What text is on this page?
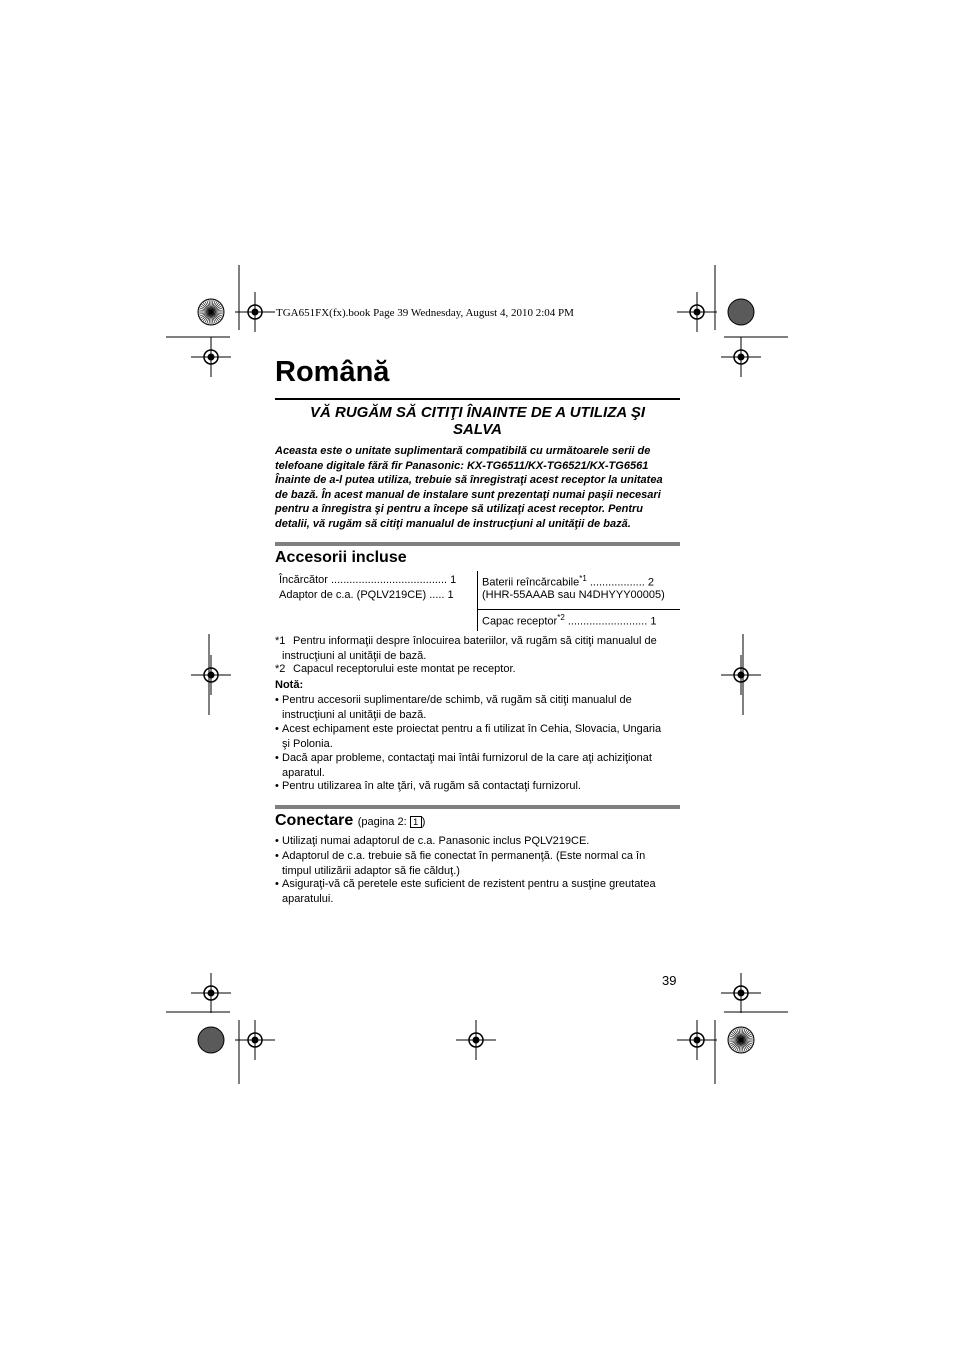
TGA651FX(fx).book Page 39 Wednesday, August 4, 2010 2:04 PM
Română
VĂ RUGĂM SĂ CITIŢI ÎNAINTE DE A UTILIZA ŞI
SALVA
Aceasta este o unitate suplimentară compatibilă cu următoarele serii de
telefoane digitale fără fir Panasonic: KX-TG6511/KX-TG6521/KX-TG6561
Înainte de a-l putea utiliza, trebuie să înregistraţi acest receptor la unitatea
de bază. În acest manual de instalare sunt prezentaţi numai paşii necesari
pentru a înregistra şi pentru a începe să utilizaţi acest receptor. Pentru
detalii, vă rugăm să citiţi manualul de instrucţiuni al unităţii de bază.
Accesorii incluse
Încărcător ...................................... 1
Adaptor de c.a. (PQLV219CE) ..... 1
Baterii reîncărcabile$^{*1}$ .................. 2
(HHR-55AAAB sau N4DHYYY00005)
Capac receptor$^{*2}$ .......................... 1
*1 Pentru informaţii despre înlocuirea bateriilor, vă rugăm să citiţi manualul de
instrucţiuni al unităţii de bază.
*2 Capacul receptorului este montat pe receptor.
Notă:
• Pentru accesorii suplimentare/de schimb, vă rugăm să citiţi manualul de
instrucţiuni al unităţii de bază.
• Acest echipament este proiectat pentru a fi utilizat în Cehia, Slovacia, Ungaria
şi Polonia.
• Dacă apar probleme, contactaţi mai întâi furnizorul de la care aţi achiziţionat
aparatul.
• Pentru utilizarea în alte ţări, vă rugăm să contactaţi furnizorul.
Conectare (pagina 2: 1 )
• Utilizaţi numai adaptorul de c.a. Panasonic inclus PQLV219CE.
• Adaptorul de c.a. trebuie să fie conectat în permanenţă. (Este normal ca în
timpul utilizării adaptor să fie călduţ.)
• Asiguraţi-vă că peretele este suficient de rezistent pentru a susţine greutatea
aparatului.
39
